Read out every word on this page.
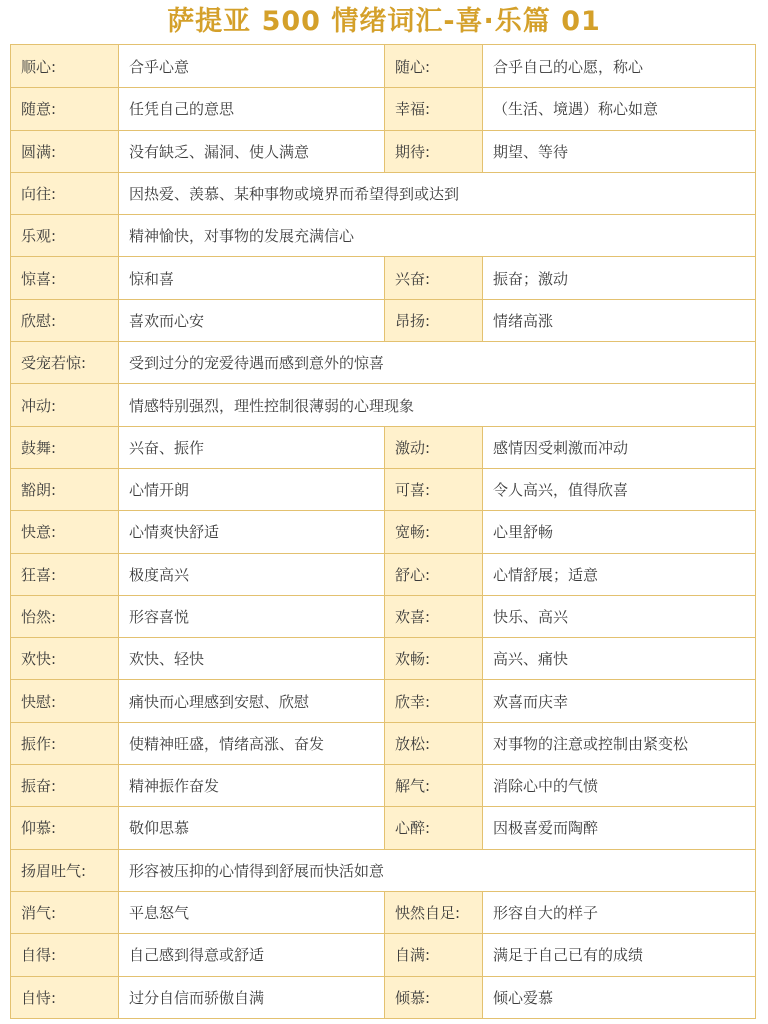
萨提亚 500 情绪词汇-喜·乐篇 01
顺心:	合乎心意	随心:	合乎自己的心愿，称心
随意:	任凭自己的意思	幸福:	（生活、境遇）称心如意
圆满:	没有缺乏、漏洞、使人满意	期待:	期望、等待
向往:	因热爱、羡慕、某种事物或境界而希望得到或达到
乐观:	精神愉快，对事物的发展充满信心
惊喜:	惊和喜	兴奋:	振奋；激动
欣慰:	喜欢而心安	昂扬:	情绪高涨
受宠若惊:	受到过分的宠爱待遇而感到意外的惊喜
冲动:	情感特别强烈，理性控制很薄弱的心理现象
鼓舞:	兴奋、振作	激动:	感情因受刺激而冲动
豁朗:	心情开朗	可喜:	令人高兴，值得欣喜
快意:	心情爽快舒适	宽畅:	心里舒畅
狂喜:	极度高兴	舒心:	心情舒展；适意
怡然:	形容喜悦	欢喜:	快乐、高兴
欢快:	欢快、轻快	欢畅:	高兴、痛快
快慰:	痛快而心理感到安慰、欣慰	欣幸:	欢喜而庆幸
振作:	使精神旺盛，情绪高涨、奋发	放松:	对事物的注意或控制由紧变松
振奋:	精神振作奋发	解气:	消除心中的气愤
仰慕:	敬仰思慕	心醉:	因极喜爱而陶醉
扬眉吐气:	形容被压抑的心情得到舒展而快活如意
消气:	平息怒气	怏然自足:	形容自大的样子
自得:	自己感到得意或舒适	自满:	满足于自己已有的成绩
自恃:	过分自信而骄傲自满	倾慕:	倾心爱慕
